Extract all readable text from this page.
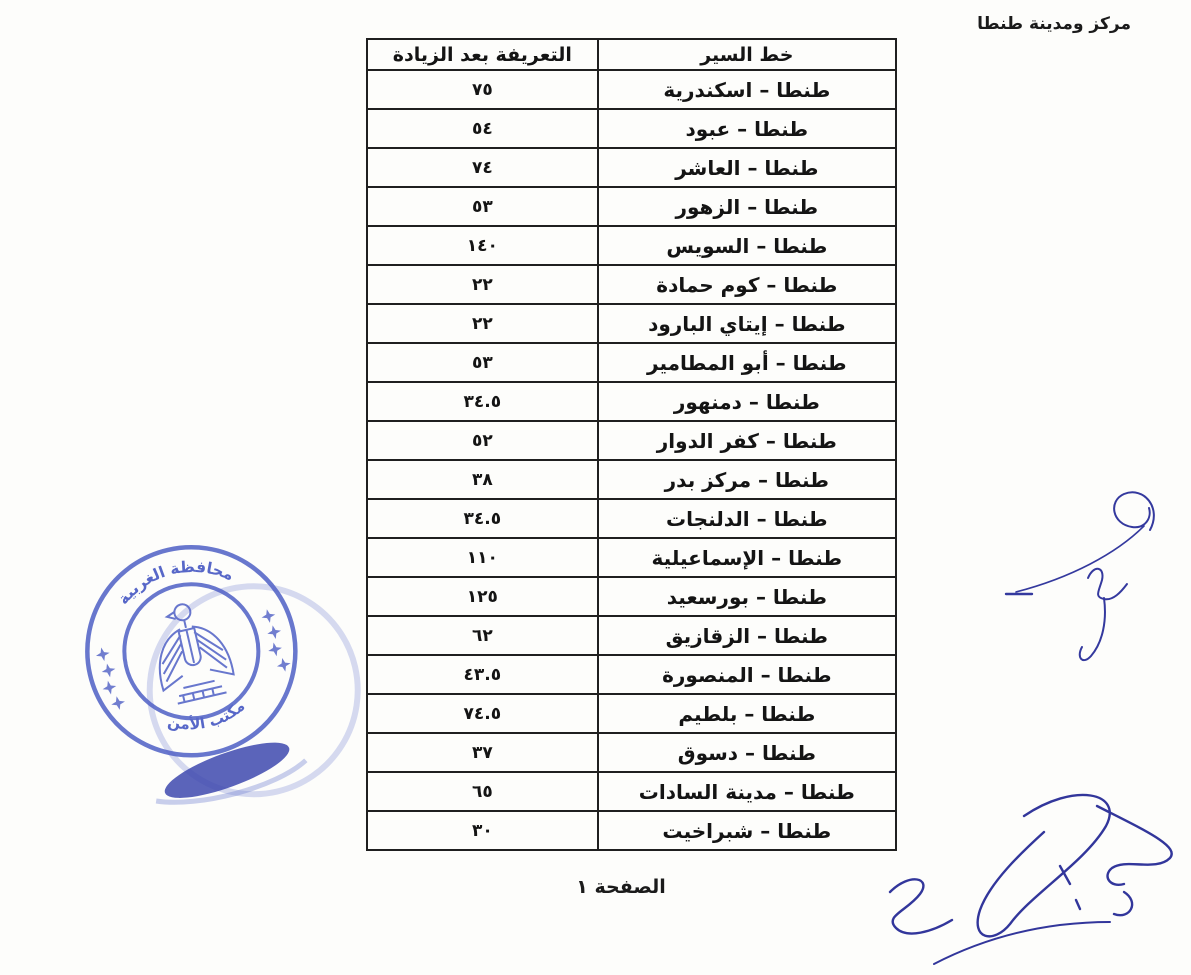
مركز ومدينة طنطا
خط السير	التعريفة بعد الزيادة
طنطا – اسكندرية	٧٥
طنطا – عبود	٥٤
طنطا – العاشر	٧٤
طنطا – الزهور	٥٣
طنطا – السويس	١٤٠
طنطا – كوم حمادة	٢٢
طنطا – إيتاي البارود	٢٢
طنطا – أبو المطامير	٥٣
طنطا – دمنهور	٣٤.٥
طنطا – كفر الدوار	٥٢
طنطا – مركز بدر	٣٨
طنطا – الدلنجات	٣٤.٥
طنطا – الإسماعيلية	١١٠
طنطا – بورسعيد	١٢٥
طنطا – الزقازيق	٦٢
طنطا – المنصورة	٤٣.٥
طنطا – بلطيم	٧٤.٥
طنطا – دسوق	٣٧
طنطا – مدينة السادات	٦٥
طنطا – شبراخيت	٣٠
محافظة الغربية
مكتب الأمن
الصفحة ١
